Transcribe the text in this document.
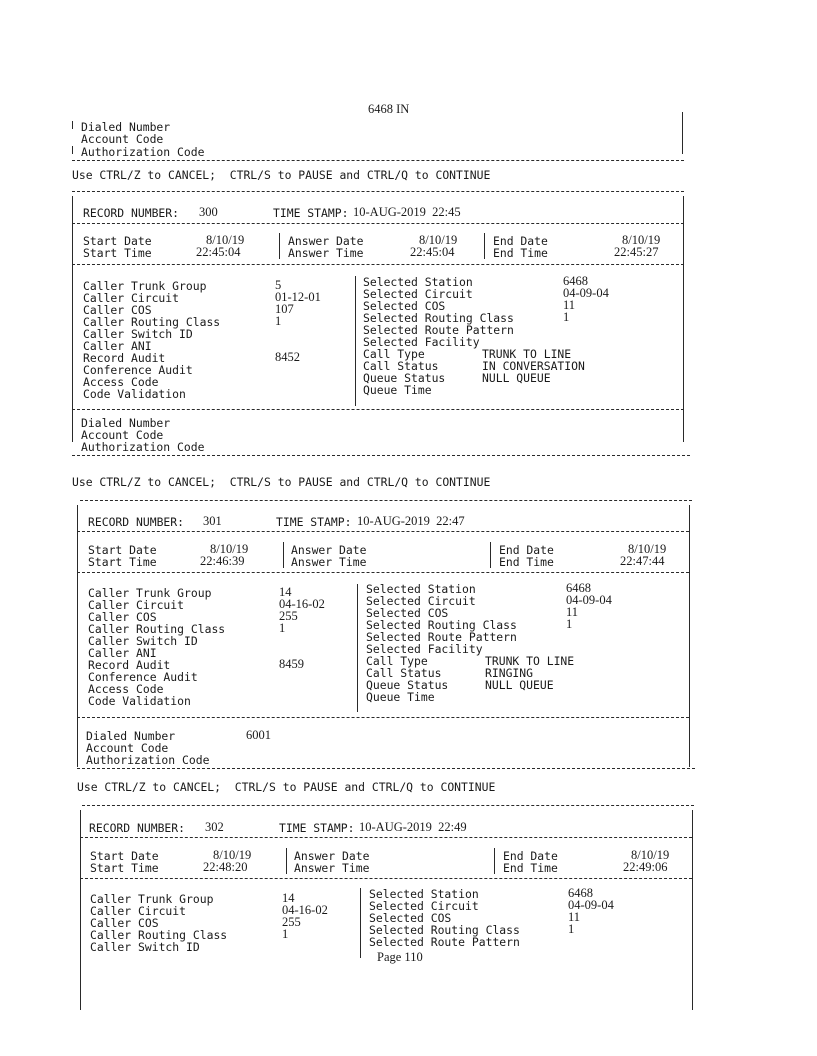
6468 IN
Dialed Number
Account Code
Authorization Code
Use CTRL/Z to CANCEL;  CTRL/S to PAUSE and CTRL/Q to CONTINUE
RECORD NUMBER: 300	TIME STAMP: 10-AUG-2019  22:45
Start Date	8/10/19
Start Time	22:45:04
Answer Date	8/10/19
Answer Time	22:45:04
End Date	8/10/19
End Time	22:45:27
Caller Trunk Group	5
Caller Circuit	01-12-01
Caller COS	107
Caller Routing Class	1
Caller Switch ID
Caller ANI
Record Audit	8452
Conference Audit
Access Code
Code Validation
Selected Station	6468
Selected Circuit	04-09-04
Selected COS	11
Selected Routing Class	1
Selected Route Pattern
Selected Facility
Call Type	TRUNK TO LINE
Call Status	IN CONVERSATION
Queue Status	NULL QUEUE
Queue Time
Dialed Number
Account Code
Authorization Code
Use CTRL/Z to CANCEL;  CTRL/S to PAUSE and CTRL/Q to CONTINUE
RECORD NUMBER: 301	TIME STAMP: 10-AUG-2019  22:47
Start Date	8/10/19
Start Time	22:46:39
Answer Date
Answer Time
End Date	8/10/19
End Time	22:47:44
Caller Trunk Group	14
Caller Circuit	04-16-02
Caller COS	255
Caller Routing Class	1
Caller Switch ID
Caller ANI
Record Audit	8459
Conference Audit
Access Code
Code Validation
Selected Station	6468
Selected Circuit	04-09-04
Selected COS	11
Selected Routing Class	1
Selected Route Pattern
Selected Facility
Call Type	TRUNK TO LINE
Call Status	RINGING
Queue Status	NULL QUEUE
Queue Time
Dialed Number	6001
Account Code
Authorization Code
Use CTRL/Z to CANCEL;  CTRL/S to PAUSE and CTRL/Q to CONTINUE
RECORD NUMBER: 302	TIME STAMP: 10-AUG-2019  22:49
Start Date	8/10/19
Start Time	22:48:20
Answer Date
Answer Time
End Date	8/10/19
End Time	22:49:06
Caller Trunk Group	14
Caller Circuit	04-16-02
Caller COS	255
Caller Routing Class	1
Caller Switch ID
Selected Station	6468
Selected Circuit	04-09-04
Selected COS	11
Selected Routing Class	1
Selected Route Pattern
Page 110
